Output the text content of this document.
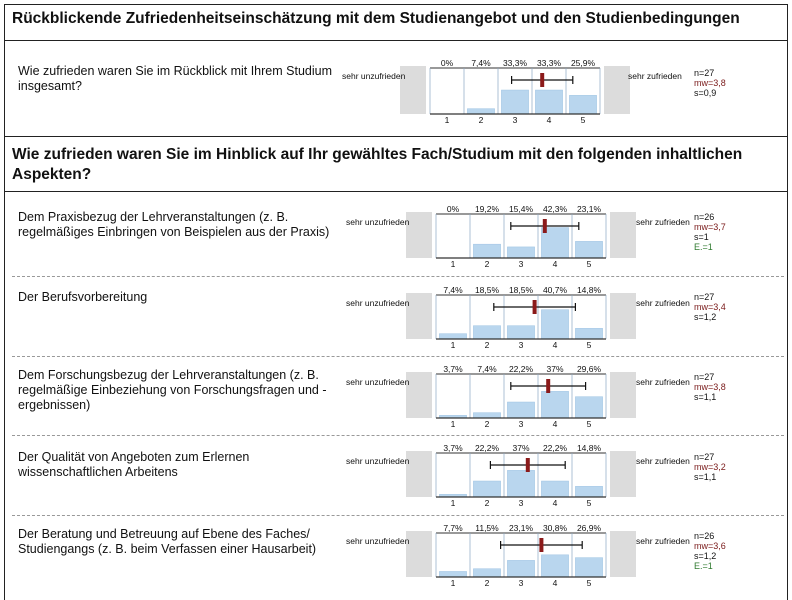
Rückblickende Zufriedenheitseinschätzung mit dem Studienangebot und den Studienbedingungen
Wie zufrieden waren Sie im Hinblick auf Ihr gewähltes Fach/Studium mit den folgenden inhaltlichen Aspekten?
Wie zufrieden waren Sie im Rückblick mit Ihrem Studium insgesamt?
Dem Praxisbezug der Lehrveranstaltungen (z. B. regelmäßiges Einbringen von Beispielen aus der Praxis)
Der Berufsvorbereitung
Dem Forschungsbezug der Lehrveranstaltungen (z. B. regelmäßige Einbeziehung von Forschungsfragen und -ergebnissen)
Der Qualität von Angeboten zum Erlernen wissenschaftlichen Arbeitens
Der Beratung und Betreuung auf Ebene des Faches/ Studiengangs (z. B. beim Verfassen einer Hausarbeit)
n=27
mw=3,8
s=0,9
n=26
mw=3,7
s=1
E.=1
n=27
mw=3,4
s=1,2
n=27
mw=3,8
s=1,1
n=27
mw=3,2
s=1,1
n=26
mw=3,6
s=1,2
E.=1
0%
1
7,4%
2
33,3%
3
33,3%
4
25,9%
5
sehr unzufrieden	sehr zufrieden
0%
1
19,2%
2
15,4%
3
42,3%
4
23,1%
5
sehr unzufrieden	sehr zufrieden
7,4%
1
18,5%
2
18,5%
3
40,7%
4
14,8%
5
sehr unzufrieden	sehr zufrieden
3,7%
1
7,4%
2
22,2%
3
37%
4
29,6%
5
sehr unzufrieden	sehr zufrieden
3,7%
1
22,2%
2
37%
3
22,2%
4
14,8%
5
sehr unzufrieden	sehr zufrieden
7,7%
1
11,5%
2
23,1%
3
30,8%
4
26,9%
5
sehr unzufrieden	sehr zufrieden
